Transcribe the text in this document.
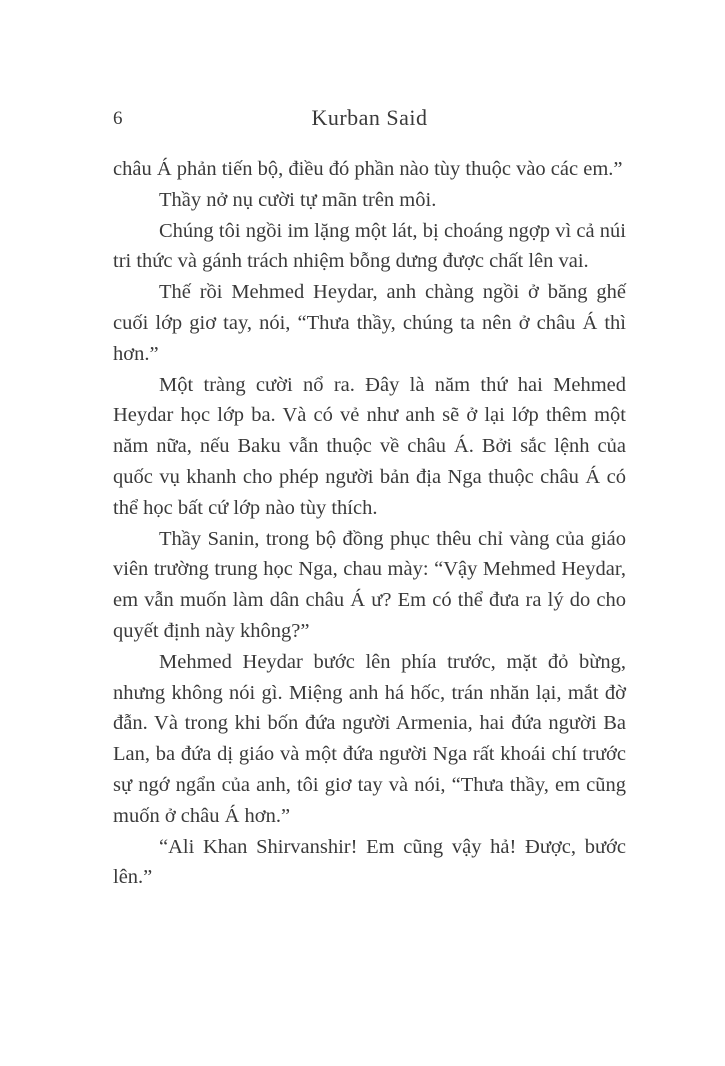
6	Kurban Said

châu Á phản tiến bộ, điều đó phần nào tùy thuộc vào các em.”

Thầy nở nụ cười tự mãn trên môi.

Chúng tôi ngồi im lặng một lát, bị choáng ngợp vì cả núi tri thức và gánh trách nhiệm bỗng dưng được chất lên vai.

Thế rồi Mehmed Heydar, anh chàng ngồi ở băng ghế cuối lớp giơ tay, nói, “Thưa thầy, chúng ta nên ở châu Á thì hơn.”

Một tràng cười nổ ra. Đây là năm thứ hai Mehmed Heydar học lớp ba. Và có vẻ như anh sẽ ở lại lớp thêm một năm nữa, nếu Baku vẫn thuộc về châu Á. Bởi sắc lệnh của quốc vụ khanh cho phép người bản địa Nga thuộc châu Á có thể học bất cứ lớp nào tùy thích.

Thầy Sanin, trong bộ đồng phục thêu chỉ vàng của giáo viên trường trung học Nga, chau mày: “Vậy Mehmed Heydar, em vẫn muốn làm dân châu Á ư? Em có thể đưa ra lý do cho quyết định này không?”

Mehmed Heydar bước lên phía trước, mặt đỏ bừng, nhưng không nói gì. Miệng anh há hốc, trán nhăn lại, mắt đờ đẫn. Và trong khi bốn đứa người Armenia, hai đứa người Ba Lan, ba đứa dị giáo và một đứa người Nga rất khoái chí trước sự ngớ ngẩn của anh, tôi giơ tay và nói, “Thưa thầy, em cũng muốn ở châu Á hơn.”

“Ali Khan Shirvanshir! Em cũng vậy hả! Được, bước lên.”
